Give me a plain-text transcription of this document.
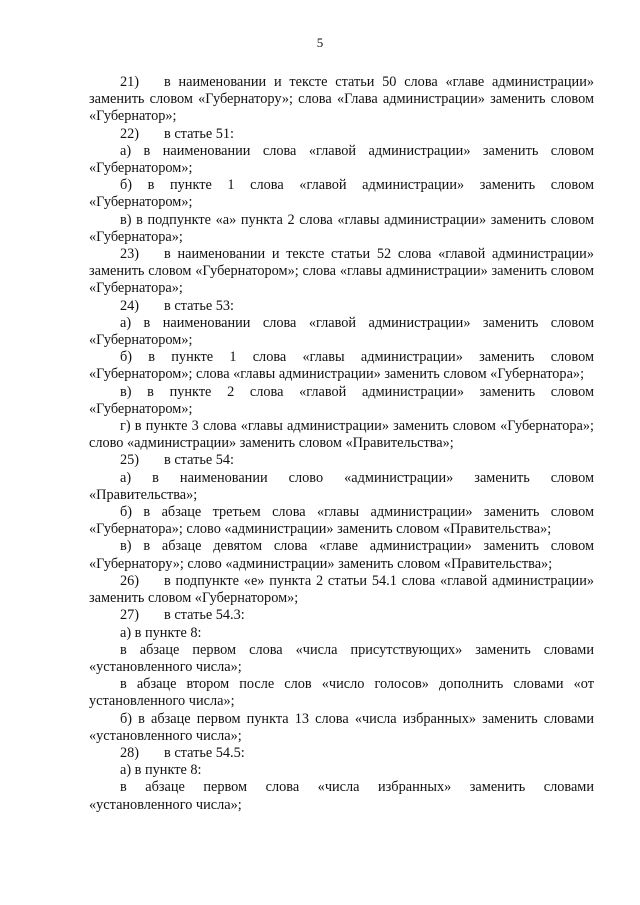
5

21) в наименовании и тексте статьи 50 слова «главе администрации» заменить словом «Губернатору»; слова «Глава администрации» заменить словом «Губернатор»;

22) в статье 51:

а) в наименовании слова «главой администрации» заменить словом «Губернатором»;

б) в пункте 1 слова «главой администрации» заменить словом «Губернатором»;

в) в подпункте «а» пункта 2 слова «главы администрации» заменить словом «Губернатора»;

23) в наименовании и тексте статьи 52 слова «главой администрации» заменить словом «Губернатором»; слова «главы администрации» заменить словом «Губернатора»;

24) в статье 53:

а) в наименовании слова «главой администрации» заменить словом «Губернатором»;

б) в пункте 1 слова «главы администрации» заменить словом «Губернатором»; слова «главы администрации» заменить словом «Губернатора»;

в) в пункте 2 слова «главой администрации» заменить словом «Губернатором»;

г) в пункте 3 слова «главы администрации» заменить словом «Губернатора»; слово «администрации» заменить словом «Правительства»;

25) в статье 54:

а) в наименовании слово «администрации» заменить словом «Правительства»;

б) в абзаце третьем слова «главы администрации» заменить словом «Губернатора»; слово «администрации» заменить словом «Правительства»;

в) в абзаце девятом слова «главе администрации» заменить словом «Губернатору»; слово «администрации» заменить словом «Правительства»;

26) в подпункте «е» пункта 2 статьи 54.1 слова «главой администрации» заменить словом «Губернатором»;

27) в статье 54.3:

а) в пункте 8:

в абзаце первом слова «числа присутствующих» заменить словами «установленного числа»;

в абзаце втором после слов «число голосов» дополнить словами «от установленного числа»;

б) в абзаце первом пункта 13 слова «числа избранных» заменить словами «установленного числа»;

28) в статье 54.5:

а) в пункте 8:

в абзаце первом слова «числа избранных» заменить словами «установленного числа»;
